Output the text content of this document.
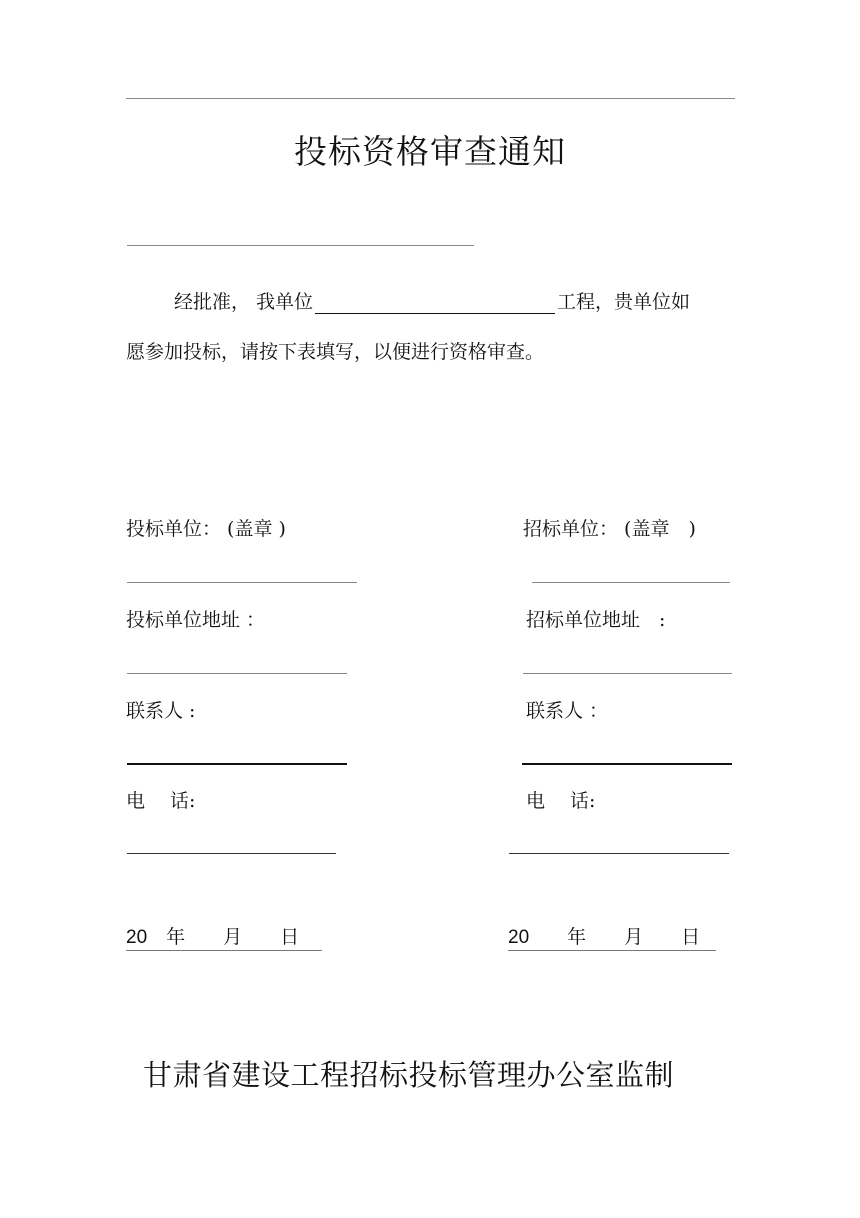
投标资格审查通知
经批准， 我单位	工程，贵单位如
愿参加投标，请按下表填写，以便进行资格审查。
投标单位： (盖章 )
投标单位地址 ：
联系人 :
电　 话:
20　年　　月　　日
招标单位： (盖章　)
招标单位地址　:
联系人 ：
电　 话:
20　　年　　月　　日
甘肃省建设工程招标投标管理办公室监制
